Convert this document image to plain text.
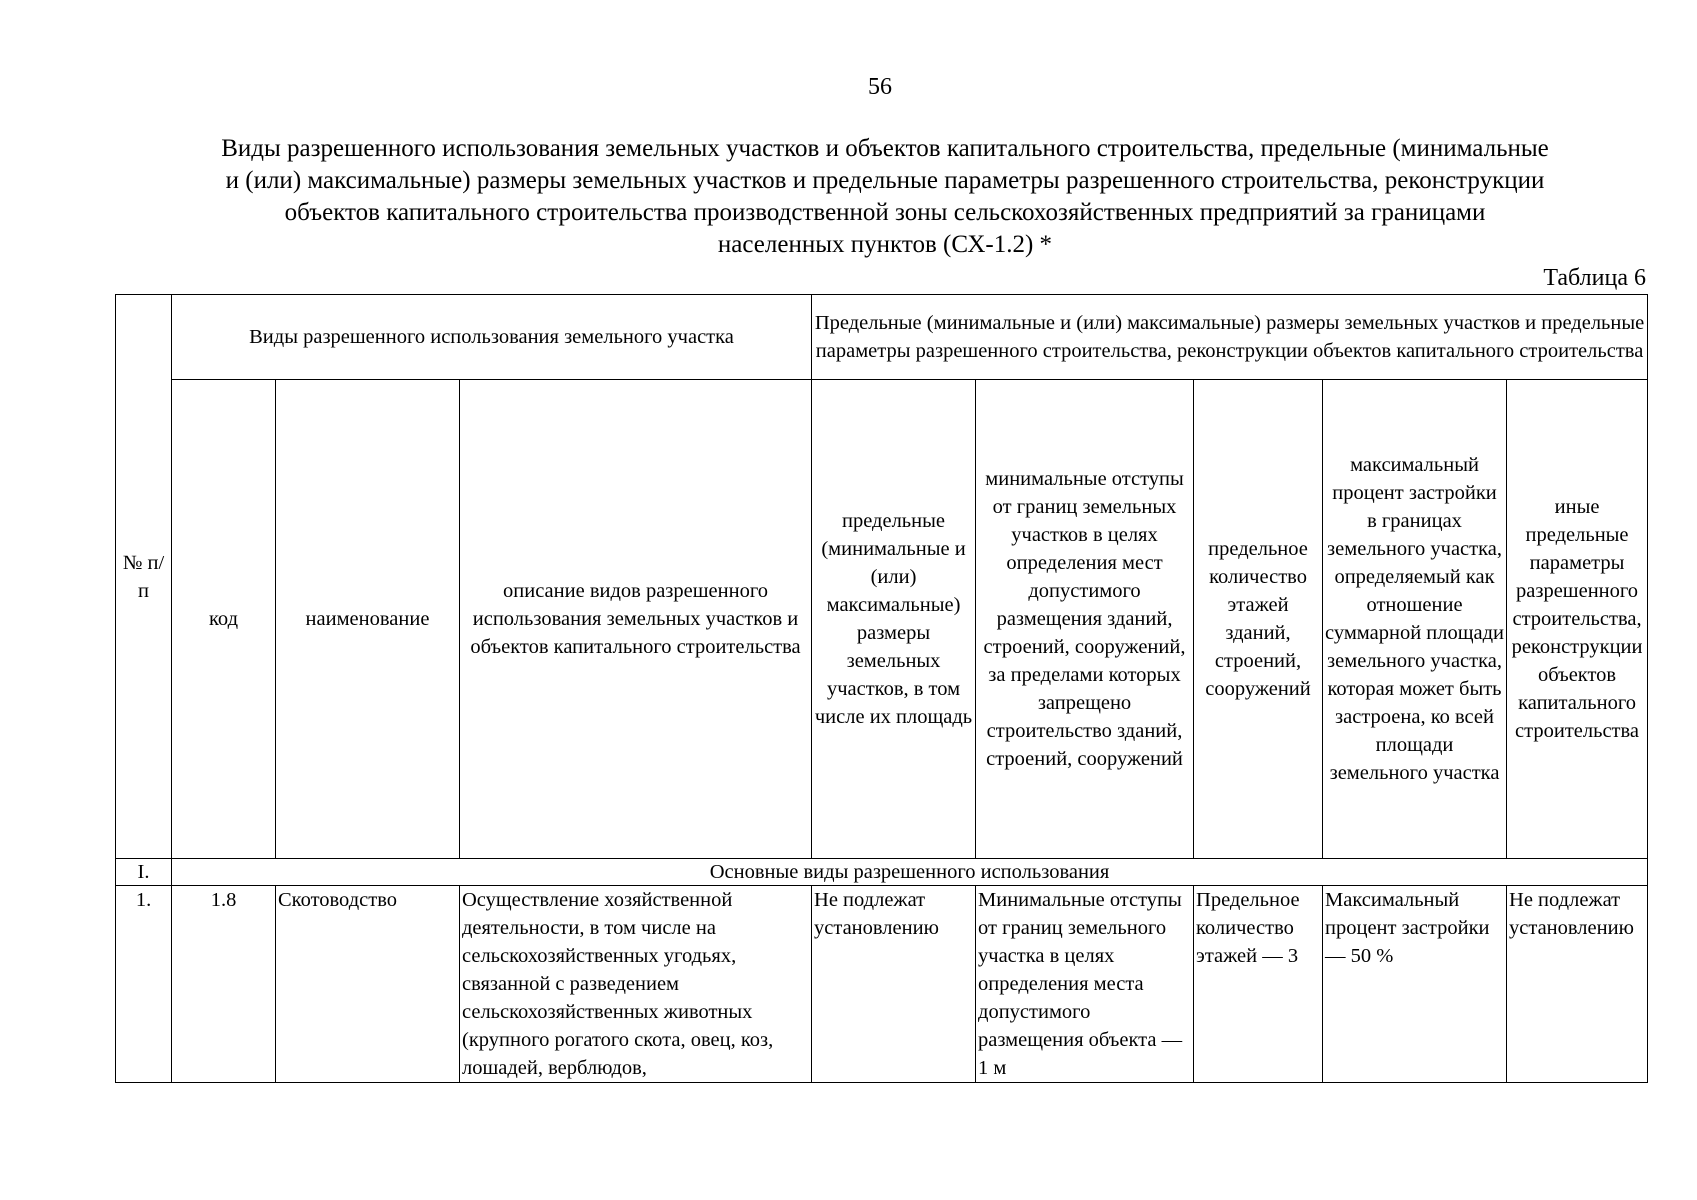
56
Виды разрешенного использования земельных участков и объектов капитального строительства, предельные (минимальные
и (или) максимальные) размеры земельных участков и предельные параметры разрешенного строительства, реконструкции
объектов капитального строительства производственной зоны сельскохозяйственных предприятий за границами
населенных пунктов (СХ-1.2) *
Таблица 6
№ п/п	Виды разрешенного использования земельного участка			Предельные (минимальные и (или) максимальные) размеры земельных участков и предельные параметры разрешенного строительства, реконструкции объектов капитального строительства				
	код	наименование	описание видов разрешенного использования земельных участков и объектов капитального строительства	предельные (минимальные и (или) максимальные) размеры земельных участков, в том числе их площадь	минимальные отступы от границ земельных участков в целях определения мест допустимого размещения зданий, строений, сооружений, за пределами которых запрещено строительство зданий, строений, сооружений	предельное количество этажей зданий, строений, сооружений	максимальный процент застройки в границах земельного участка, определяемый как отношение суммарной площади земельного участка, которая может быть застроена, ко всей площади земельного участка	иные предельные параметры разрешенного строительства, реконструкции объектов капитального строительства
I.	Основные виды разрешенного использования							
1.	1.8	Скотоводство	Осуществление хозяйственной деятельности, в том числе на сельскохозяйственных угодьях, связанной с разведением сельскохозяйственных животных (крупного рогатого скота, овец, коз, лошадей, верблюдов,	Не подлежат установлению	Минимальные отступы от границ земельного участка в целях определения места допустимого размещения объекта — 1 м	Предельное количество этажей — 3	Максимальный процент застройки — 50 %	Не подлежат установлению
